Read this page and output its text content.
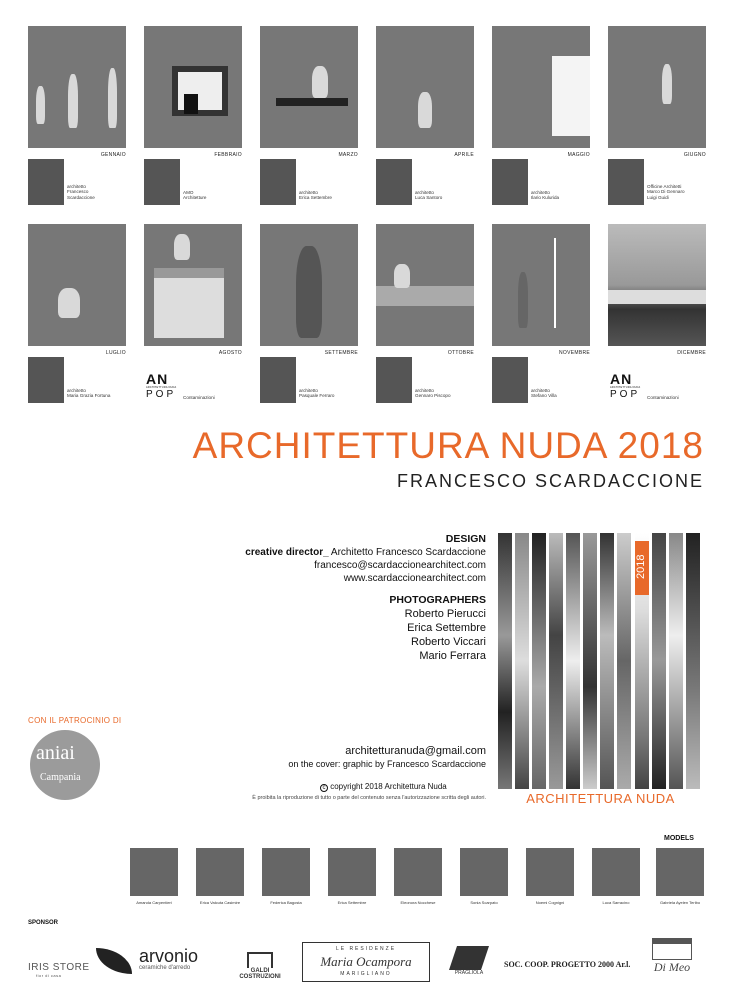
GENNAIO
architetto
Francesco
Scardaccione
FEBBRAIO
AMO
Architetture
MARZO
architetto
Erica Settembre
APRILE
architetto
Luca Santoro
MAGGIO
architetto
Ilario Kulurida
GIUGNO
Officine Architetti
Marco Di Gennaro
Luigi Guidi
LUGLIO
architetto
Maria Grazia Fortuna
AGOSTO
AN
ARCHITETTURA NUDA
POP	Contaminazioni
SETTEMBRE
architetto
Pasquale Ferraro
OTTOBRE
architetto
Gennaro Piscopo
NOVEMBRE
architetto
Stefano Villa
DICEMBRE
AN
ARCHITETTURA NUDA
POP	Contaminazioni
ARCHITETTURA NUDA 2018
FRANCESCO SCARDACCIONE
DESIGN
creative director_ Architetto Francesco Scardaccione
francesco@scardaccionearchitect.com
www.scardaccionearchitect.com
PHOTOGRAPHERS
Roberto Pierucci
Erica Settembre
Roberto Viccari
Mario Ferrara
CON IL PATROCINIO DI
aniai
Campania
architetturanuda@gmail.com
on the cover: graphic by Francesco Scardaccione
c copyright 2018 Architettura Nuda
È proibita la riproduzione di tutto o parte del contenuto senza l'autorizzazione scritta degli autori.
2018
ARCHITETTURA NUDA
MODELS
Amanda Carpentieri	Erica Valcuta Casimire	Federica Bagosta	Erica Settembre	Eleonora Nocchese	Sonia Scarpato	Noemi Cognigni	Luca Sarracino	Gabriela Ayelen Teribo
SPONSOR
IRIS STORE
fior di casa
arvonio
ceramiche d'arredo	GALDI COSTRUZIONI
LE RESIDENZE
Maria Ocampora
MARIGLIANO	PRAGLIOLA
SOC. COOP. PROGETTO 2000 Ar.l.	Di Meo
